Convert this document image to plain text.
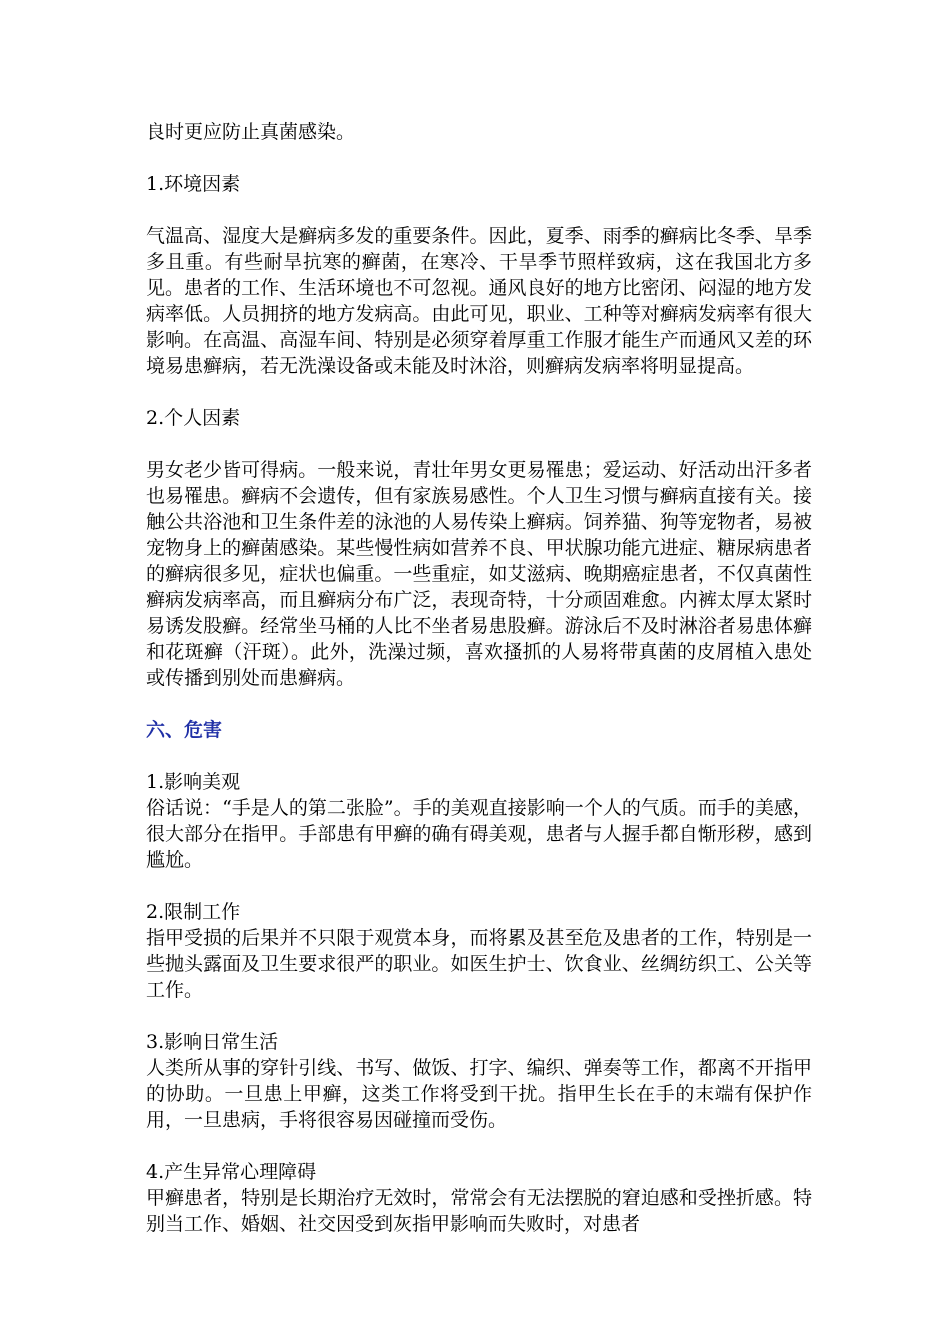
良时更应防止真菌感染。

1.环境因素

气温高、湿度大是癣病多发的重要条件。因此，夏季、雨季的癣病比冬季、旱季多且重。有些耐旱抗寒的癣菌，在寒冷、干旱季节照样致病，这在我国北方多见。患者的工作、生活环境也不可忽视。通风良好的地方比密闭、闷湿的地方发病率低。人员拥挤的地方发病高。由此可见，职业、工种等对癣病发病率有很大影响。在高温、高湿车间、特别是必须穿着厚重工作服才能生产而通风又差的环境易患癣病，若无洗澡设备或未能及时沐浴，则癣病发病率将明显提高。

2.个人因素

男女老少皆可得病。一般来说，青壮年男女更易罹患；爱运动、好活动出汗多者也易罹患。癣病不会遗传，但有家族易感性。个人卫生习惯与癣病直接有关。接触公共浴池和卫生条件差的泳池的人易传染上癣病。饲养猫、狗等宠物者，易被宠物身上的癣菌感染。某些慢性病如营养不良、甲状腺功能亢进症、糖尿病患者的癣病很多见，症状也偏重。一些重症，如艾滋病、晚期癌症患者，不仅真菌性癣病发病率高，而且癣病分布广泛，表现奇特，十分顽固难愈。内裤太厚太紧时易诱发股癣。经常坐马桶的人比不坐者易患股癣。游泳后不及时淋浴者易患体癣和花斑癣（汗斑）。此外，洗澡过频，喜欢搔抓的人易将带真菌的皮屑植入患处或传播到别处而患癣病。

六、危害

1.影响美观

俗话说：“手是人的第二张脸”。手的美观直接影响一个人的气质。而手的美感，很大部分在指甲。手部患有甲癣的确有碍美观，患者与人握手都自惭形秽，感到尴尬。

2.限制工作

指甲受损的后果并不只限于观赏本身，而将累及甚至危及患者的工作，特别是一些抛头露面及卫生要求很严的职业。如医生护士、饮食业、丝绸纺织工、公关等工作。

3.影响日常生活

人类所从事的穿针引线、书写、做饭、打字、编织、弹奏等工作，都离不开指甲的协助。一旦患上甲癣，这类工作将受到干扰。指甲生长在手的末端有保护作用，一旦患病，手将很容易因碰撞而受伤。

4.产生异常心理障碍

甲癣患者，特别是长期治疗无效时，常常会有无法摆脱的窘迫感和受挫折感。特别当工作、婚姻、社交因受到灰指甲影响而失败时，对患者
